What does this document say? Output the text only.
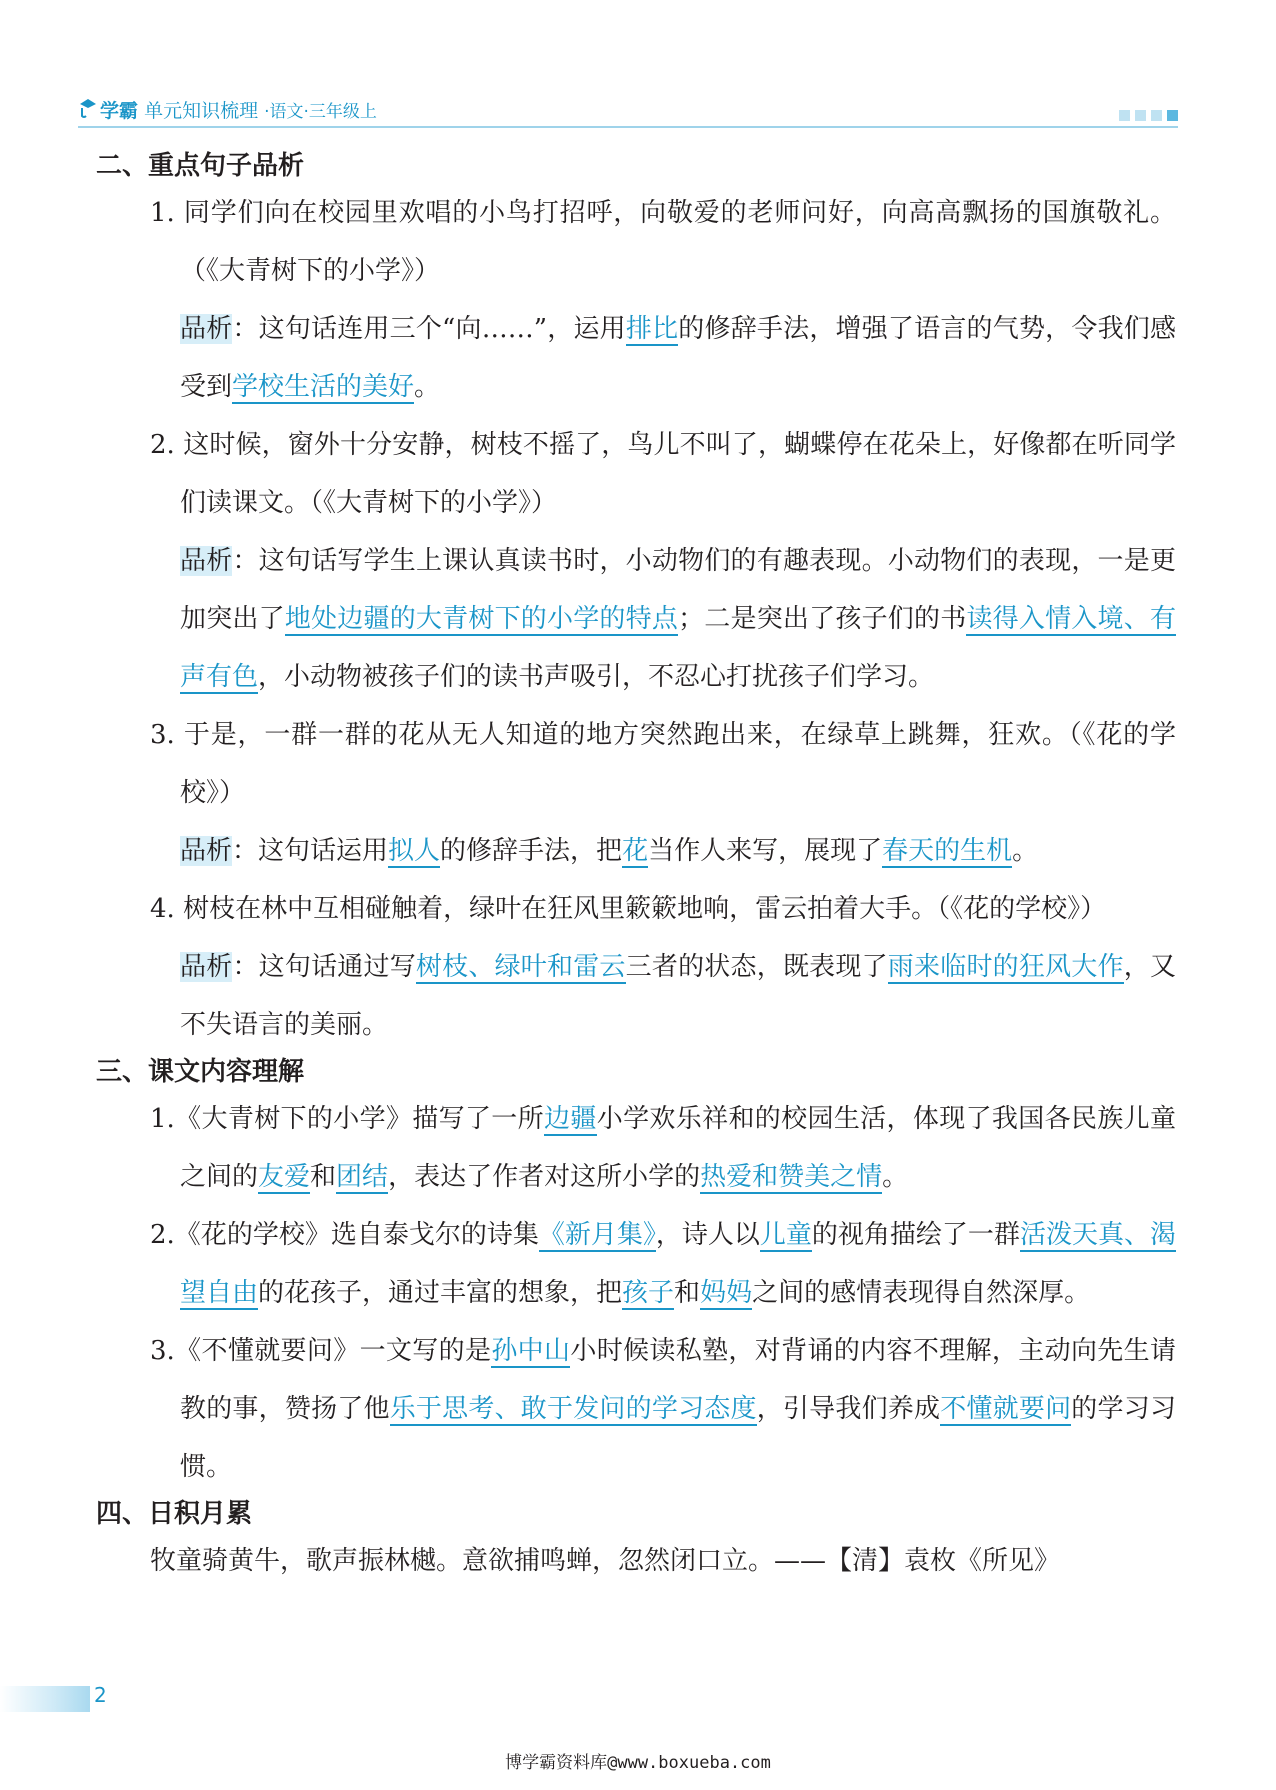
学霸 单元知识梳理 ·语文·三年级上
二、重点句子品析
1. 同学们向在校园里欢唱的小鸟打招呼，向敬爱的老师问好，向高高飘扬的国旗敬礼。（《大青树下的小学》）
品析：这句话连用三个“向……”，运用排比的修辞手法，增强了语言的气势，令我们感受到学校生活的美好。
2. 这时候，窗外十分安静，树枝不摇了，鸟儿不叫了，蝴蝶停在花朵上，好像都在听同学们读课文。（《大青树下的小学》）
品析：这句话写学生上课认真读书时，小动物们的有趣表现。小动物们的表现，一是更加突出了地处边疆的大青树下的小学的特点；二是突出了孩子们的书读得入情入境、有声有色，小动物被孩子们的读书声吸引，不忍心打扰孩子们学习。
3. 于是，一群一群的花从无人知道的地方突然跑出来，在绿草上跳舞，狂欢。（《花的学校》）
品析：这句话运用拟人的修辞手法，把花当作人来写，展现了春天的生机。
4. 树枝在林中互相碰触着，绿叶在狂风里簌簌地响，雷云拍着大手。（《花的学校》）
品析：这句话通过写树枝、绿叶和雷云三者的状态，既表现了雨来临时的狂风大作，又不失语言的美丽。
三、课文内容理解
1.《大青树下的小学》描写了一所边疆小学欢乐祥和的校园生活，体现了我国各民族儿童之间的友爱和团结，表达了作者对这所小学的热爱和赞美之情。
2.《花的学校》选自泰戈尔的诗集《新月集》，诗人以儿童的视角描绘了一群活泼天真、渴望自由的花孩子，通过丰富的想象，把孩子和妈妈之间的感情表现得自然深厚。
3.《不懂就要问》一文写的是孙中山小时候读私塾，对背诵的内容不理解，主动向先生请教的事，赞扬了他乐于思考、敢于发问的学习态度，引导我们养成不懂就要问的学习习惯。
四、日积月累
牧童骑黄牛，歌声振林樾。意欲捕鸣蝉，忽然闭口立。——【清】袁枚《所见》
2
博学霸资料库@www.boxueba.com
